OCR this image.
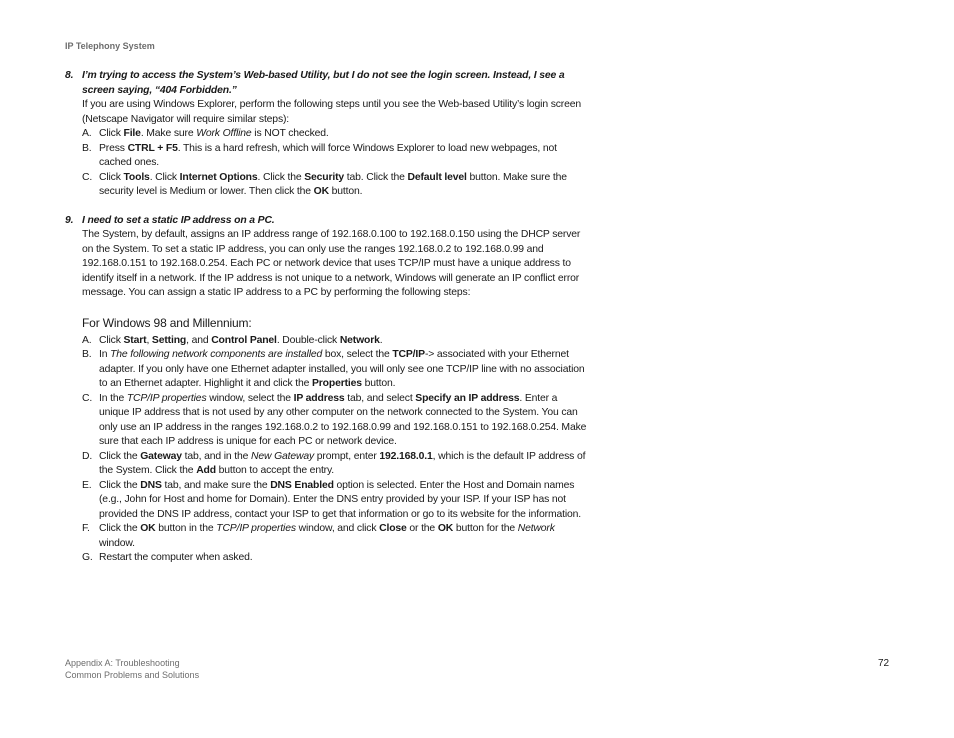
IP Telephony System
8. I’m trying to access the System’s Web-based Utility, but I do not see the login screen. Instead, I see a screen saying, “404 Forbidden.”
If you are using Windows Explorer, perform the following steps until you see the Web-based Utility’s login screen (Netscape Navigator will require similar steps):
A. Click File. Make sure Work Offline is NOT checked.
B. Press CTRL + F5. This is a hard refresh, which will force Windows Explorer to load new webpages, not cached ones.
C. Click Tools. Click Internet Options. Click the Security tab. Click the Default level button. Make sure the security level is Medium or lower. Then click the OK button.
9. I need to set a static IP address on a PC.
The System, by default, assigns an IP address range of 192.168.0.100 to 192.168.0.150 using the DHCP server on the System. To set a static IP address, you can only use the ranges 192.168.0.2 to 192.168.0.99 and 192.168.0.151 to 192.168.0.254. Each PC or network device that uses TCP/IP must have a unique address to identify itself in a network. If the IP address is not unique to a network, Windows will generate an IP conflict error message. You can assign a static IP address to a PC by performing the following steps:
For Windows 98 and Millennium:
A. Click Start, Setting, and Control Panel. Double-click Network.
B. In The following network components are installed box, select the TCP/IP-> associated with your Ethernet adapter. If you only have one Ethernet adapter installed, you will only see one TCP/IP line with no association to an Ethernet adapter. Highlight it and click the Properties button.
C. In the TCP/IP properties window, select the IP address tab, and select Specify an IP address. Enter a unique IP address that is not used by any other computer on the network connected to the System. You can only use an IP address in the ranges 192.168.0.2 to 192.168.0.99 and 192.168.0.151 to 192.168.0.254. Make sure that each IP address is unique for each PC or network device.
D. Click the Gateway tab, and in the New Gateway prompt, enter 192.168.0.1, which is the default IP address of the System. Click the Add button to accept the entry.
E. Click the DNS tab, and make sure the DNS Enabled option is selected. Enter the Host and Domain names (e.g., John for Host and home for Domain). Enter the DNS entry provided by your ISP. If your ISP has not provided the DNS IP address, contact your ISP to get that information or go to its website for the information.
F. Click the OK button in the TCP/IP properties window, and click Close or the OK button for the Network window.
G. Restart the computer when asked.
Appendix A: Troubleshooting
Common Problems and Solutions
72
